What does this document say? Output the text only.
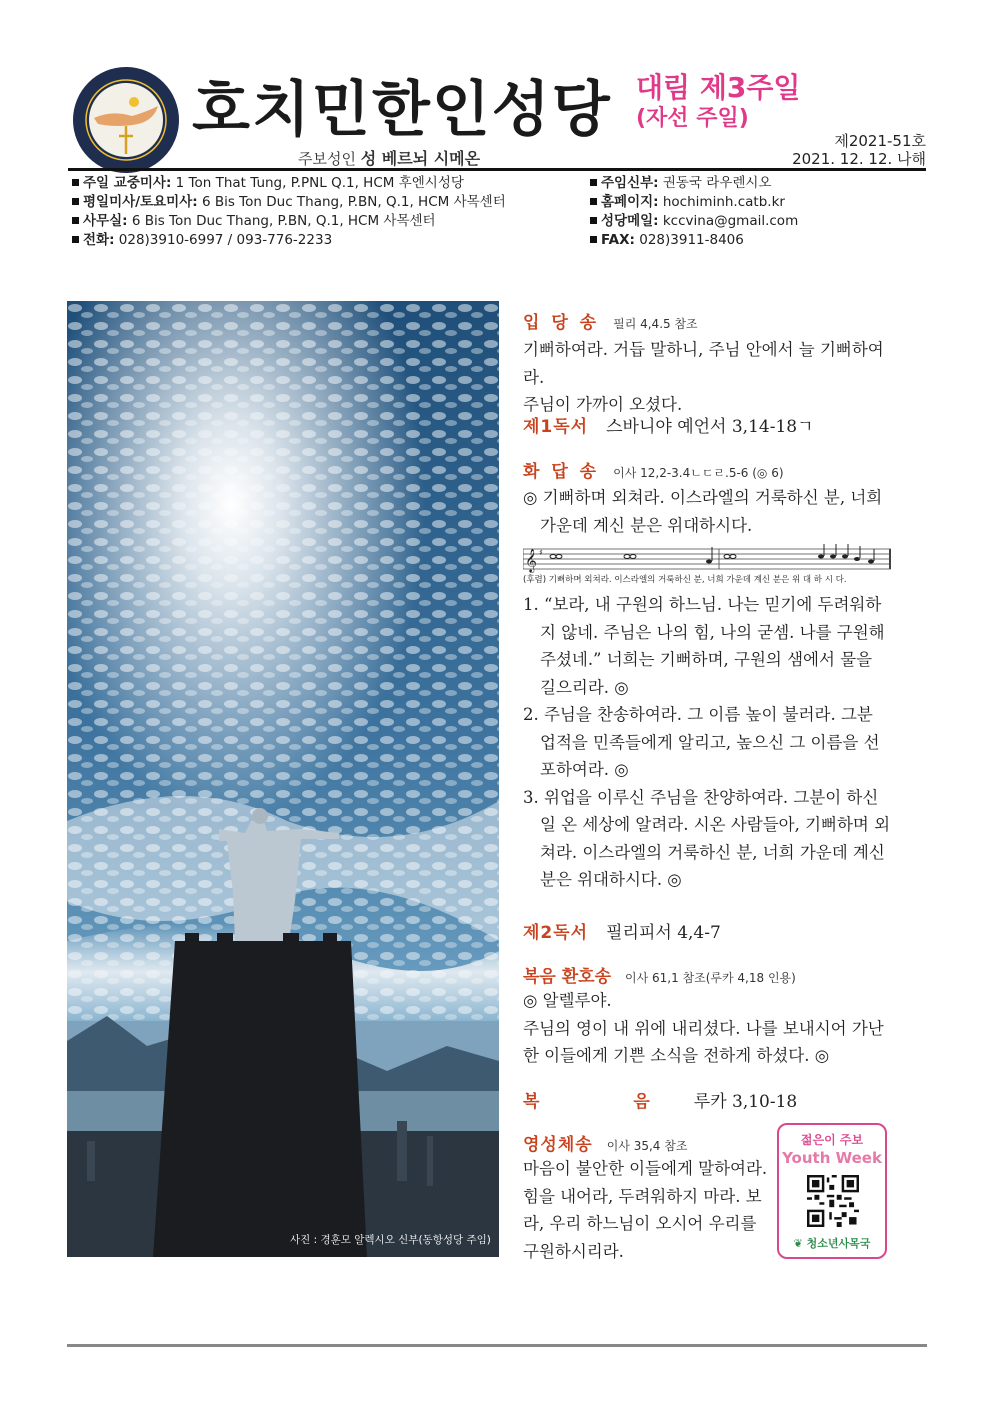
호치민한인성당 대림 제3주일
(자선 주일)
제2021-51호
2021. 12. 12. 나해
주보성인 성 베르뇌 시메온
주일 교중미사: 1 Ton That Tung, P.PNL Q.1, HCM 후엔시성당
평일미사/토요미사: 6 Bis Ton Duc Thang, P.BN, Q.1, HCM 사목센터
사무실: 6 Bis Ton Duc Thang, P.BN, Q.1, HCM 사목센터
전화: 028)3910-6997 / 093-776-2233
주임신부: 권동국 라우렌시오
홈페이지: hochiminh.catb.kr
성당메일: kccvina@gmail.com
FAX: 028)3911-8406
사진 : 경훈모 알렉시오 신부(동항성당 주임)
입 당 송 필리 4,4.5 참조

기뻐하여라. 거듭 말하니, 주님 안에서 늘 기뻐하여라.

주님이 가까이 오셨다.

제1독서 스바니야 예언서 3,14-18ㄱ
화 답 송 이사 12,2-3.4ㄴㄷㄹ.5-6 (◎ 6)

◎ 기뻐하며 외쳐라. 이스라엘의 거룩하신 분, 너희 가운데 계신 분은 위대하시다.

𝄞 ♯
(후렴) 기뻐하며 외쳐라. 이스라엘의 거룩하신 분, 너희 가운데 계신 분은 위 대 하 시 다.

1. “보라, 내 구원의 하느님. 나는 믿기에 두려워하지 않네. 주님은 나의 힘, 나의 굳셈. 나를 구원해 주셨네.” 너희는 기뻐하며, 구원의 샘에서 물을 길으리라. ◎

2. 주님을 찬송하여라. 그 이름 높이 불러라. 그분 업적을 민족들에게 알리고, 높으신 그 이름을 선포하여라. ◎

3. 위업을 이루신 주님을 찬양하여라. 그분이 하신 일 온 세상에 알려라. 시온 사람들아, 기뻐하며 외쳐라. 이스라엘의 거룩하신 분, 너희 가운데 계신 분은 위대하시다. ◎

제2독서 필리피서 4,4-7
복음 환호송 이사 61,1 참조(루카 4,18 인용)

◎ 알렐루야.

주님의 영이 내 위에 내리셨다. 나를 보내시어 가난한 이들에게 기쁜 소식을 전하게 하셨다. ◎

복 음루카 3,10-18
영성체송 이사 35,4 참조

마음이 불안한 이들에게 말하여라. 힘을 내어라, 두려워하지 마라. 보라, 우리 하느님이 오시어 우리를 구원하시리라.

젊은이 주보
Youth Week
❦ 청소년사목국
